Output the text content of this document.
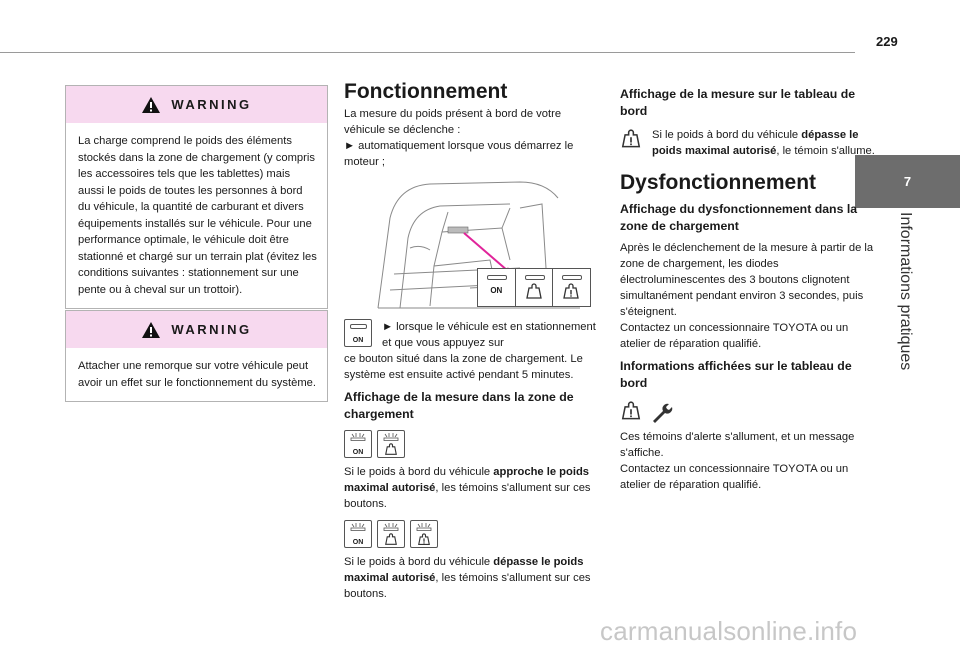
229
7
Informations pratiques
WARNING
La charge comprend le poids des éléments stockés dans la zone de chargement (y compris les accessoires tels que les tablettes) mais aussi le poids de toutes les personnes à bord du véhicule, la quantité de carburant et divers équipements installés sur le véhicule. Pour une performance optimale, le véhicule doit être stationné et chargé sur un terrain plat (évitez les conditions suivantes : stationnement sur une pente ou à cheval sur un trottoir).
WARNING
Attacher une remorque sur votre véhicule peut avoir un effet sur le fonctionnement du système.
Fonctionnement

La mesure du poids présent à bord de votre véhicule se déclenche :

► automatiquement lorsque vous démarrez le moteur ;

ON
ON

► lorsque le véhicule est en stationnement et que vous appuyez sur

ce bouton situé dans la zone de chargement. Le système est ensuite activé pendant 5 minutes.

Affichage de la mesure dans la zone de chargement
ON

Si le poids à bord du véhicule approche le poids maximal autorisé, les témoins s'allument sur ces boutons.

ON

Si le poids à bord du véhicule dépasse le poids maximal autorisé, les témoins s'allument sur ces boutons.

Affichage de la mesure sur le tableau de bord

Si le poids à bord du véhicule dépasse le poids maximal autorisé, le témoin s'allume.

Dysfonctionnement
Affichage du dysfonctionnement dans la zone de chargement

Après le déclenchement de la mesure à partir de la zone de chargement, les diodes électroluminescentes des 3 boutons clignotent simultanément pendant environ 3 secondes, puis s'éteignent.

Contactez un concessionnaire TOYOTA ou un atelier de réparation qualifié.

Informations affichées sur le tableau de bord

Ces témoins d'alerte s'allument, et un message s'affiche.

Contactez un concessionnaire TOYOTA ou un atelier de réparation qualifié.

carmanualsonline.info
